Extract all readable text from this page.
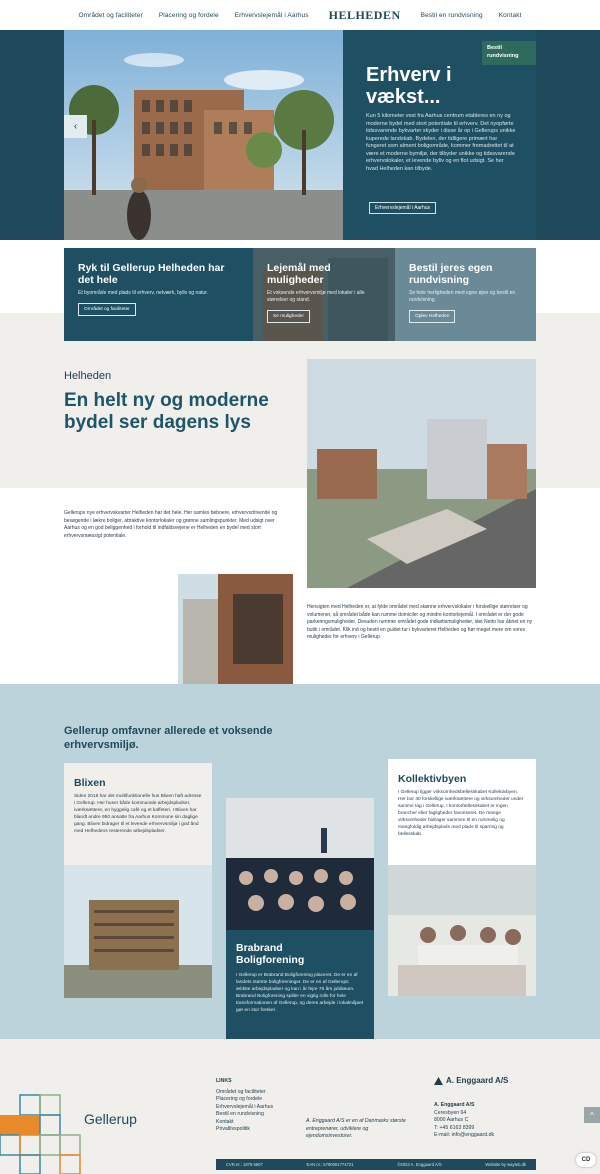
Området og faciliteter Placering og fordele Erhvervslejemål i Aarhus HELHEDEN	Bestil en rundvisning Kontakt
‹
Erhverv i vækst...
Kun 5 kilometer vest fra Aarhus centrum etableres en ny og moderne bydel med stort potentiale til erhverv. Det nyopførte tidssvarende bykvarter skyder i disse år op i Gellerups unikke kuperede landskab. Bydelen, der tidligere primært har fungeret som alment boligområde, kommer fremadrettet til at være et moderne bymiljø, der tilbyder unikke og tidssvarende erhvervslokaler, et levende byliv og en flot udsigt. Se her hvad Helheden kan tilbyde.
Erhvervslejemål i Aarhus
Bestil rundvisning
Ryk til Gellerup Helheden har det hele
Et byområde med plads til erhverv, netværk, byliv og natur.
Området og faciliteter
Lejemål med muligheder
Et voksende erhvervsmiljø med lokaler i alle størrelser og stand.
Se muligheder
Bestil jeres egen rundvisning
Se hele herligheden med egne øjne og bestil en rundvisning.
Oplev Helheden
Helheden
En helt ny og moderne bydel ser dagens lys
Gellerups nye erhvervskvarter Helheden har det hele. Her samles beboere, erhvervsdrivende og besøgende i lækre boliger, attraktive kontorlokaler og grønne samlingspunkter. Med udsigt over Aarhus og en god beliggenhed i forhold til indfaldsvejene er Helheden en bydel med stort erhvervsmæssigt potentiale.
Hensigten med Helheden er, at fylde området med skønne erhvervslokaler i forskellige størrelser og volumener, så området både kan rumme domiciler og mindre kontorlejemål. I området er der gode parkeringsmuligheder. Desuden rummer området gode indkøbsmuligheder, idet Netto har åbnet en ny butik i området. Klik ind og bestil en guidet tur i bykvarteret Helheden og hør meget mere om vores muligheder for erhverv i Gellerup.
Gellerup omfavner allerede et voksende erhvervsmiljø.
Blixen
Siden 2018 har det multifunktionelle hus Blixen haft adresse i Gellerup. Her huser både kommunale arbejdspladser, iværksættere, en hyggelig café og et kaffeteri. I Blixen har blandt andre 950 ansatte fra Aarhus Kommune sin daglige gang. Blixen bidrager til et levende erhvervsmiljø i god ånd med Helhedens resterende arbejdspladser.
Brabrand Boligforening
I Gellerup er Brabrand Boligforening placeret. De er en af landets største boligforeninger. De er en af Gellerups ældste arbejdspladser og kan i år fejre 75 års jubilæum. Brabrand Boligforening spiller en vigtig rolle for hele transformationen af Gellerup, og deres arbejde i lokalmiljøet gør en stor forskel.
Kollektivbyen
I Gellerup ligger virksomhedsfællesskabet Kollektivbyen. Her bor 40 forskellige iværksættere og virksomheder under samme tag i Gellerup. I kontorfællesskabet er ingen brancher eller fagligheder favoriseret. De mange virksomheder bidrager sammen til en rummelig og mangfoldig arbejdsplads med plads til sparring og fællesskab.
Gellerup
LINKS
Området og faciliteter
Placering og fordele
Erhvervslejemål i Aarhus
Bestil en rundvisning
Kontakt
Privatlivspolitik
A. Enggaard A/S er en af Danmarks største entreprenører, udviklere og ejendomsinvestorer.
A. Enggaard A/S
A. Enggaard A/S
Ceresbyen 64
8000 Aarhus C
T: +45 6163 8399
E-mail: info@enggaard.dk
CVR.nr.: 1879 5507	EAN nr.: 5790001774721	©2023 A. Enggaard A/S	Website by wayteb.dk
^
CD
